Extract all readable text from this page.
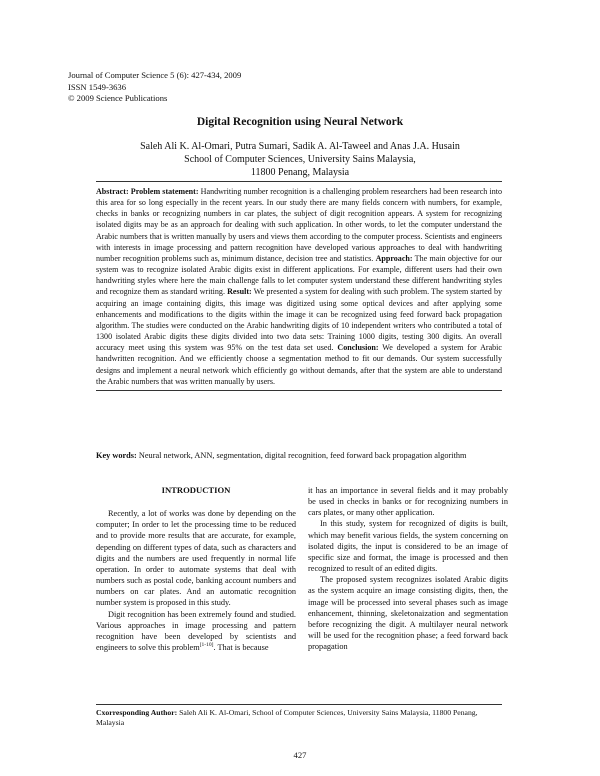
Journal of Computer Science 5 (6): 427-434, 2009
ISSN 1549-3636
© 2009 Science Publications
Digital Recognition using Neural Network
Saleh Ali K. Al-Omari, Putra Sumari, Sadik A. Al-Taweel and Anas J.A. Husain
School of Computer Sciences, University Sains Malaysia,
11800 Penang, Malaysia
Abstract: Problem statement: Handwriting number recognition is a challenging problem researchers had been research into this area for so long especially in the recent years. In our study there are many fields concern with numbers, for example, checks in banks or recognizing numbers in car plates, the subject of digit recognition appears. A system for recognizing isolated digits may be as an approach for dealing with such application. In other words, to let the computer understand the Arabic numbers that is written manually by users and views them according to the computer process. Scientists and engineers with interests in image processing and pattern recognition have developed various approaches to deal with handwriting number recognition problems such as, minimum distance, decision tree and statistics. Approach: The main objective for our system was to recognize isolated Arabic digits exist in different applications. For example, different users had their own handwriting styles where here the main challenge falls to let computer system understand these different handwriting styles and recognize them as standard writing. Result: We presented a system for dealing with such problem. The system started by acquiring an image containing digits, this image was digitized using some optical devices and after applying some enhancements and modifications to the digits within the image it can be recognized using feed forward back propagation algorithm. The studies were conducted on the Arabic handwriting digits of 10 independent writers who contributed a total of 1300 isolated Arabic digits these digits divided into two data sets: Training 1000 digits, testing 300 digits. An overall accuracy meet using this system was 95% on the test data set used. Conclusion: We developed a system for Arabic handwritten recognition. And we efficiently choose a segmentation method to fit our demands. Our system successfully designs and implement a neural network which efficiently go without demands, after that the system are able to understand the Arabic numbers that was written manually by users.
Key words: Neural network, ANN, segmentation, digital recognition, feed forward back propagation algorithm
INTRODUCTION

Recently, a lot of works was done by depending on the computer; In order to let the processing time to be reduced and to provide more results that are accurate, for example, depending on different types of data, such as characters and digits and the numbers are used frequently in normal life operation. In order to automate systems that deal with numbers such as postal code, banking account numbers and numbers on car plates. And an automatic recognition number system is proposed in this study.

Digit recognition has been extremely found and studied. Various approaches in image processing and pattern recognition have been developed by scientists and engineers to solve this problem[1-10]. That is because

it has an importance in several fields and it may probably be used in checks in banks or for recognizing numbers in cars plates, or many other application.

In this study, system for recognized of digits is built, which may benefit various fields, the system concerning on isolated digits, the input is considered to be an image of specific size and format, the image is processed and then recognized to result of an edited digits.

The proposed system recognizes isolated Arabic digits as the system acquire an image consisting digits, then, the image will be processed into several phases such as image enhancement, thinning, skeletonaization and segmentation before recognizing the digit. A multilayer neural network will be used for the recognition phase; a feed forward back propagation

Cxorresponding Author: Saleh Ali K. Al-Omari, School of Computer Sciences, University Sains Malaysia, 11800 Penang, Malaysia
427
